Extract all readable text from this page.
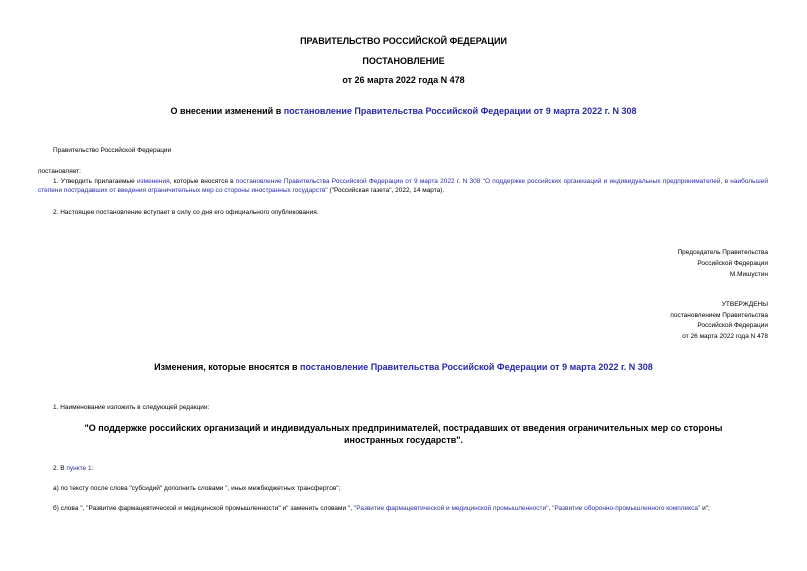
ПРАВИТЕЛЬСТВО РОССИЙСКОЙ ФЕДЕРАЦИИ
ПОСТАНОВЛЕНИЕ
от 26 марта 2022 года N 478
О внесении изменений в постановление Правительства Российской Федерации от 9 марта 2022 г. N 308
Правительство Российской Федерации
постановляет:
1. Утвердить прилагаемые изменения, которые вносятся в постановление Правительства Российской Федерации от 9 марта 2022 г. N 308 "О поддержке российских организаций и индивидуальных предпринимателей, в наибольшей степени пострадавших от введения ограничительных мер со стороны иностранных государств" ("Российская газета", 2022, 14 марта).
2. Настоящее постановление вступает в силу со дня его официального опубликования.
Председатель Правительства
Российской Федерации
М.Мишустин
УТВЕРЖДЕНЫ
постановлением Правительства
Российской Федерации
от 26 марта 2022 года N 478
Изменения, которые вносятся в постановление Правительства Российской Федерации от 9 марта 2022 г. N 308
1. Наименование изложить в следующей редакции:
"О поддержке российских организаций и индивидуальных предпринимателей, пострадавших от введения ограничительных мер со стороны иностранных государств".
2. В пункте 1:
а) по тексту после слова "субсидий" дополнить словами ", иных межбюджетных трансфертов";
б) слова ", "Развитие фармацевтической и медицинской промышленности" и" заменить словами ", "Развитие фармацевтической и медицинской промышленности", "Развитие оборонно-промышленного комплекса" и";
